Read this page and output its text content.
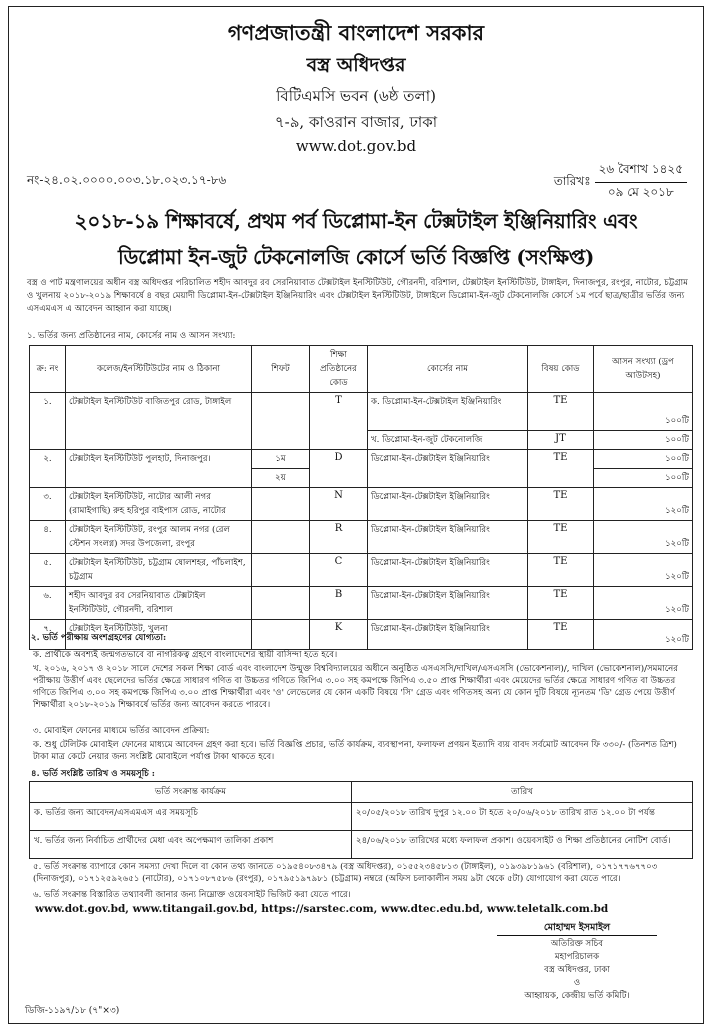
গণপ্রজাতন্ত্রী বাংলাদেশ সরকার
বস্ত্র অধিদপ্তর
বিটিএমসি ভবন (৬ষ্ঠ তলা)
৭-৯, কাওরান বাজার, ঢাকা
www.dot.gov.bd
নং-২৪.০২.০০০০.০০৩.১৮.০২৩.১৭-৮৬	তারিখঃ
২৬ বৈশাখ ১৪২৫
০৯ মে ২০১৮
২০১৮-১৯ শিক্ষাবর্ষে, প্রথম পর্ব ডিপ্লোমা-ইন টেক্সটাইল ইঞ্জিনিয়ারিং এবং
ডিপ্লোমা ইন-জুট টেকনোলজি কোর্সে ভর্তি বিজ্ঞপ্তি (সংক্ষিপ্ত)
বস্ত্র ও পাট মন্ত্রণালয়ের অধীন বস্ত্র অধিদপ্তর পরিচালিত শহীদ আবদুর রব সেরনিয়াবাত টেক্সটাইল ইনস্টিটিউট, গৌরনদী, বরিশাল, টেক্সটাইল ইনস্টিটিউট, টাঙ্গাইল, দিনাজপুর, রংপুর, নাটোর, চট্টগ্রাম ও খুলনায় ২০১৮-২০১৯ শিক্ষাবর্ষে ৪ বছর মেয়াদী ডিপ্লোমা-ইন-টেক্সটাইল ইঞ্জিনিয়ারিং এবং টেক্সটাইল ইনস্টিটিউট, টাঙ্গাইলে ডিপ্লোমা-ইন-জুট টেকনোলজি কোর্সে ১ম পর্বে ছাত্র/ছাত্রীর ভর্তির জন্য এসএমএস এ আবেদন আহ্বান করা যাচ্ছে।
১. ভর্তির জন্য প্রতিষ্ঠানের নাম, কোর্সের নাম ও আসন সংখ্যা:
ক্র: নং	কলেজ/ইনস্টিটিউটের নাম ও ঠিকানা	শিফট	শিক্ষা প্রতিষ্ঠানের কোড	কোর্সের নাম	বিষয় কোড	আসন সংখ্যা (ড্রপ আউটসহ)
১.	টেক্সটাইল ইনস্টিটিউট বাজিতপুর রোড, টাঙ্গাইল		T	ক. ডিপ্লোমা-ইন-টেক্সটাইল ইঞ্জিনিয়ারিং	TE	১০০টি
				খ. ডিপ্লোমা-ইন-জুট টেকনোলজি	JT	১০০টি
২.	টেক্সটাইল ইনস্টিটিউট পুলহাট, দিনাজপুর।	১ম	D	ডিপ্লোমা-ইন-টেক্সটাইল ইঞ্জিনিয়ারিং	TE	১০০টি
		২য়				১০০টি
৩.	টেক্সটাইল ইনস্টিটিউট, নাটোর আলী নগর (রামাইগাছি) রুহ হরিপুর বাইপাস রোড, নাটোর		N	ডিপ্লোমা-ইন-টেক্সটাইল ইঞ্জিনিয়ারিং	TE	১২০টি
৪.	টেক্সটাইল ইনস্টিটিউট, রংপুর আলম নগর (রেল স্টেশন সংলগ্ন) সদর উপজেলা, রংপুর		R	ডিপ্লোমা-ইন-টেক্সটাইল ইঞ্জিনিয়ারিং	TE	১২০টি
৫.	টেক্সটাইল ইনস্টিটিউট, চট্টগ্রাম ষোলশহর, পাঁচলাইশ, চট্টগ্রাম		C	ডিপ্লোমা-ইন-টেক্সটাইল ইঞ্জিনিয়ারিং	TE	১২০টি
৬.	শহীদ আবদুর রব সেরনিয়াবাত টেক্সটাইল ইনস্টিটিউট, গৌরনদী, বরিশাল		B	ডিপ্লোমা-ইন-টেক্সটাইল ইঞ্জিনিয়ারিং	TE	১২০টি
৭.	টেক্সটাইল ইনস্টিটিউট, খুলনা		K	ডিপ্লোমা-ইন-টেক্সটাইল ইঞ্জিনিয়ারিং	TE	১২০টি
২. ভর্তি পরীক্ষায় অংশগ্রহণের যোগ্যতা:
ক. প্রার্থীকে অবশ্যই জন্মগতভাবে বা নাগরিকত্ব গ্রহণে বাংলাদেশের স্থায়ী বাসিন্দা হতে হবে।
খ. ২০১৬, ২০১৭ ও ২০১৮ সালে দেশের সকল শিক্ষা বোর্ড এবং বাংলাদেশ উন্মুক্ত বিশ্ববিদ্যালয়ের অধীনে অনুষ্ঠিত এসএসসি/দাখিল/এসএসসি (ভোকেশনাল)/, দাখিল (ভোকেশনাল)/সমমানের পরীক্ষায় উত্তীর্ণ এবং ছেলেদের ভর্তির ক্ষেত্রে সাধারণ গণিত বা উচ্চতর গণিতে জিপিএ ৩.০০ সহ কমপক্ষে জিপিএ ৩.৫০ প্রাপ্ত শিক্ষার্থীরা এবং মেয়েদের ভর্তির ক্ষেত্রে সাধারণ গণিত বা উচ্চতর গণিতে জিপিএ ৩.০০ সহ কমপক্ষে জিপিএ ৩.০০ প্রাপ্ত শিক্ষার্থীরা এবং 'ও' লেভেলের যে কোন একটি বিষয়ে 'সি' গ্রেড এবং গণিতসহ অন্য যে কোন দুটি বিষয়ে ন্যূনতম 'ডি' গ্রেড পেয়ে উত্তীর্ণ শিক্ষার্থীরা ২০১৮-২০১৯ শিক্ষাবর্ষে ভর্তির জন্য আবেদন করতে পারবে।
৩. মোবাইল ফোনের মাধ্যমে ভর্তির আবেদন প্রক্রিয়া:
ক. শুধু টেলিটক মোবাইল ফোনের মাধ্যমে আবেদন গ্রহণ করা হবে। ভর্তি বিজ্ঞপ্তি প্রচার, ভর্তি কার্যক্রম, ব্যবস্থাপনা, ফলাফল প্রণয়ন ইত্যাদি ব্যয় বাবদ সর্বমোট আবেদন ফি ৩৩০/- (তিনশত ত্রিশ) টাকা মাত্র কেটে নেয়ার জন্য সংশ্লিষ্ট মোবাইলে পর্যাপ্ত টাকা থাকতে হবে।
৪. ভর্তি সংশ্লিষ্ট তারিখ ও সময়সূচি :
ভর্তি সংক্রান্ত কার্যক্রম	তারিখ
ক. ভর্তির জন্য আবেদন/এসএমএস এর সময়সূচি	২০/০৫/২০১৮ তারিখ দুপুর ১২.০০ টা হতে ২০/০৬/২০১৮ তারিখ রাত ১২.০০ টা পর্যন্ত
খ. ভর্তির জন্য নির্বাচিত প্রার্থীদের মেধা এবং অপেক্ষমাণ তালিকা প্রকাশ	২৪/০৬/২০১৮ তারিখের মধ্যে ফলাফল প্রকাশ। ওয়েবসাইট ও শিক্ষা প্রতিষ্ঠানের নোটিশ বোর্ড।
৫. ভর্তি সংক্রান্ত ব্যাপারে কোন সমস্যা দেখা দিলে বা কোন তথ্য জানতে ০১৯৫৪০৮৩৪৭৯ (বস্ত্র অধিদপ্তর), ০১৫৫২৩৪৫৮১৩ (টাঙ্গাইল), ০১৯৩৯৮১৯৬১ (বরিশাল), ০১৭১৭৭৬৭৭০৩ (দিনাজপুর), ০১৭১২৫৯২৬৫১ (নাটোর), ০১৭১০৮৭৫৮৬ (রংপুর), ০১৭৯৫১৯৭৯৮১ (চট্টগ্রাম) নম্বরে (অফিস চলাকালীন সময় ৯টা থেকে ৫টা) যোগাযোগ করা যেতে পারে।
৬. ভর্তি সংক্রান্ত বিস্তারিত তথ্যাবলী জানার জন্য নিম্নোক্ত ওয়েবসাইট ভিজিট করা যেতে পারে।
www.dot.gov.bd, www.titangail.gov.bd, https://sarstec.com, www.dtec.edu.bd, www.teletalk.com.bd
মোহাম্মদ ইসমাইল
অতিরিক্ত সচিব
মহাপরিচালক
বস্ত্র অধিদপ্তর, ঢাকা
ও
আহ্বায়ক, কেন্দ্রীয় ভর্তি কমিটি।
ডিজি-১১৯৭/১৮ (৭"×৩)
